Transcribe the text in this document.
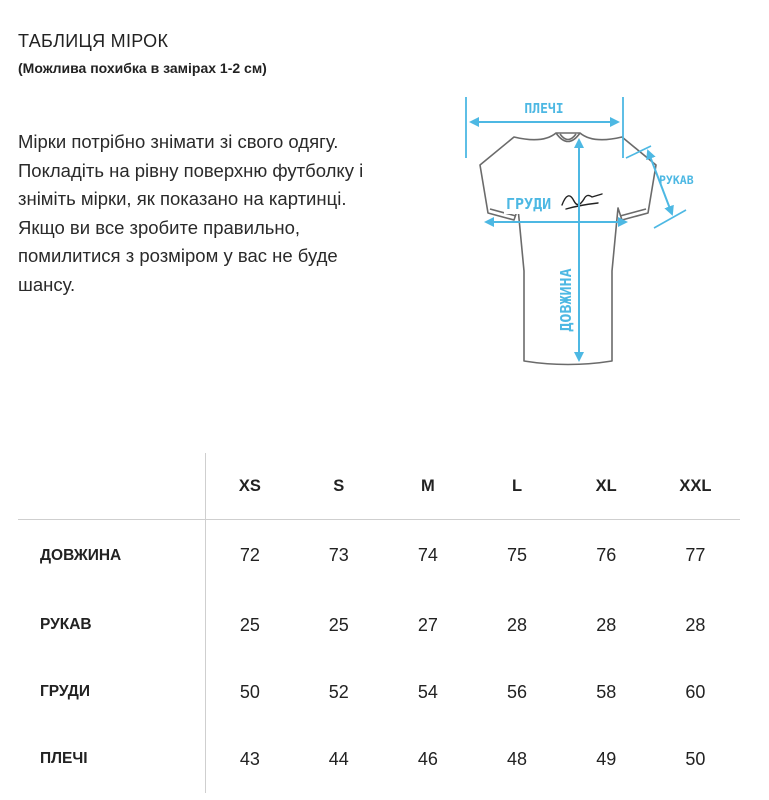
ТАБЛИЦЯ МІРОК
(Можлива похибка в замірах 1-2 см)
Мірки потрібно знімати зі свого одягу. Покладіть на рівну поверхню футболку і зніміть мірки, як показано на картинці. Якщо ви все зробите правильно, помилитися з розміром у вас не буде шансу.
ПЛЕЧІ
РУКАВ
ГРУДИ
ДОВЖИНА
	XS	S	M	L	XL	XXL
ДОВЖИНА	72	73	74	75	76	77
РУКАВ	25	25	27	28	28	28
ГРУДИ	50	52	54	56	58	60
ПЛЕЧІ	43	44	46	48	49	50
